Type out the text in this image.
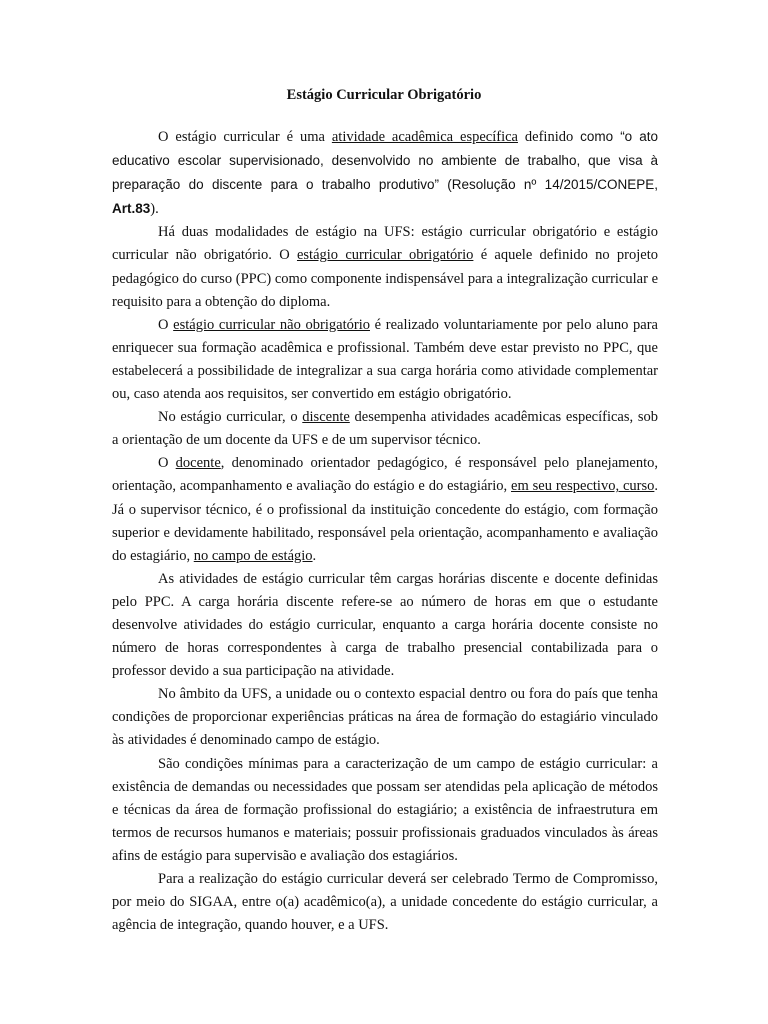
Estágio Curricular Obrigatório

O estágio curricular é uma atividade acadêmica específica definido como “o ato educativo escolar supervisionado, desenvolvido no ambiente de trabalho, que visa à preparação do discente para o trabalho produtivo” (Resolução nº 14/2015/CONEPE, Art.83).

Há duas modalidades de estágio na UFS: estágio curricular obrigatório e estágio curricular não obrigatório. O estágio curricular obrigatório é aquele definido no projeto pedagógico do curso (PPC) como componente indispensável para a integralização curricular e requisito para a obtenção do diploma.

O estágio curricular não obrigatório é realizado voluntariamente por pelo aluno para enriquecer sua formação acadêmica e profissional. Também deve estar previsto no PPC, que estabelecerá a possibilidade de integralizar a sua carga horária como atividade complementar ou, caso atenda aos requisitos, ser convertido em estágio obrigatório.

No estágio curricular, o discente desempenha atividades acadêmicas específicas, sob a orientação de um docente da UFS e de um supervisor técnico.

O docente, denominado orientador pedagógico, é responsável pelo planejamento, orientação, acompanhamento e avaliação do estágio e do estagiário, em seu respectivo, curso. Já o supervisor técnico, é o profissional da instituição concedente do estágio, com formação superior e devidamente habilitado, responsável pela orientação, acompanhamento e avaliação do estagiário, no campo de estágio.

As atividades de estágio curricular têm cargas horárias discente e docente definidas pelo PPC. A carga horária discente refere-se ao número de horas em que o estudante desenvolve atividades do estágio curricular, enquanto a carga horária docente consiste no número de horas correspondentes à carga de trabalho presencial contabilizada para o professor devido a sua participação na atividade.

No âmbito da UFS, a unidade ou o contexto espacial dentro ou fora do país que tenha condições de proporcionar experiências práticas na área de formação do estagiário vinculado às atividades é denominado campo de estágio.

São condições mínimas para a caracterização de um campo de estágio curricular: a existência de demandas ou necessidades que possam ser atendidas pela aplicação de métodos e técnicas da área de formação profissional do estagiário; a existência de infraestrutura em termos de recursos humanos e materiais; possuir profissionais graduados vinculados às áreas afins de estágio para supervisão e avaliação dos estagiários.

Para a realização do estágio curricular deverá ser celebrado Termo de Compromisso, por meio do SIGAA, entre o(a) acadêmico(a), a unidade concedente do estágio curricular, a agência de integração, quando houver, e a UFS.
